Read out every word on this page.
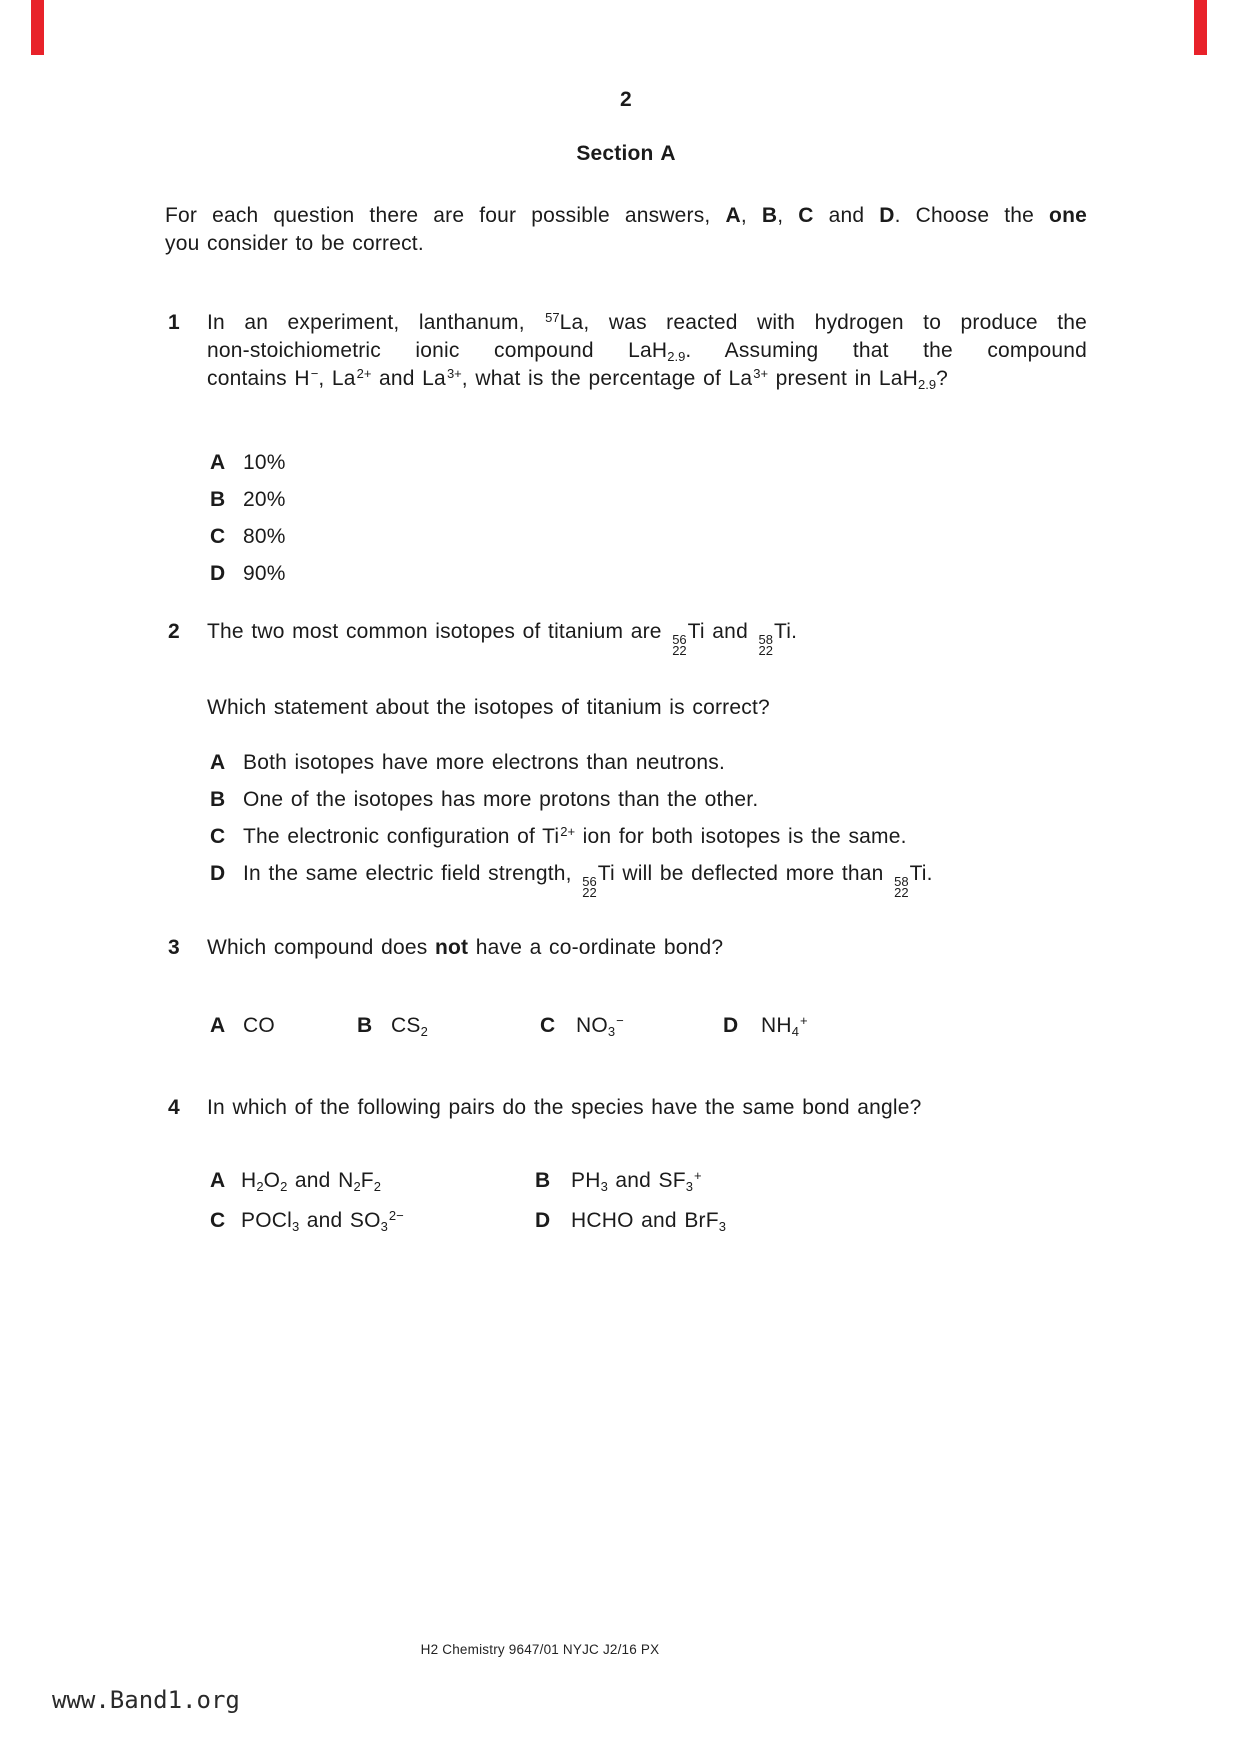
2
Section A
For each question there are four possible answers, A, B, C and D. Choose the one
you consider to be correct.
1 In an experiment, lanthanum, $^{57}$La, was reacted with hydrogen to produce the
non-stoichiometric ionic compound LaH$_{2.9}$. Assuming that the compound
contains H−, $La^{2+}$ and $La^{3+}$, what is the percentage of $La^{3+}$ present in LaH$_{2.9}$?
A 10%
B 20%
C 80%
D 90%
2 The two most common isotopes of titanium are 56
22
Ti and 58
22
Ti.
Which statement about the isotopes of titanium is correct?
A Both isotopes have more electrons than neutrons.
B One of the isotopes has more protons than the other.
C The electronic configuration of $Ti^{2+}$ ion for both isotopes is the same.
D In the same electric field strength, 56
22
Ti will be deflected more than 58
22
Ti.
3 Which compound does not have a co-ordinate bond?
A CO	B $CS_2$	C $NO_3^-$	D $NH_4^+$
4 In which of the following pairs do the species have the same bond angle?
A $H_2O_2$ and $N_2F_2$	B $PH_3$ and $SF_3^+$
C POCl$_3$ and $SO_3^{2-}$	D HCHO and BrF$_3$
H2 Chemistry 9647/01 NYJC J2/16 PX
www.Band1.org
